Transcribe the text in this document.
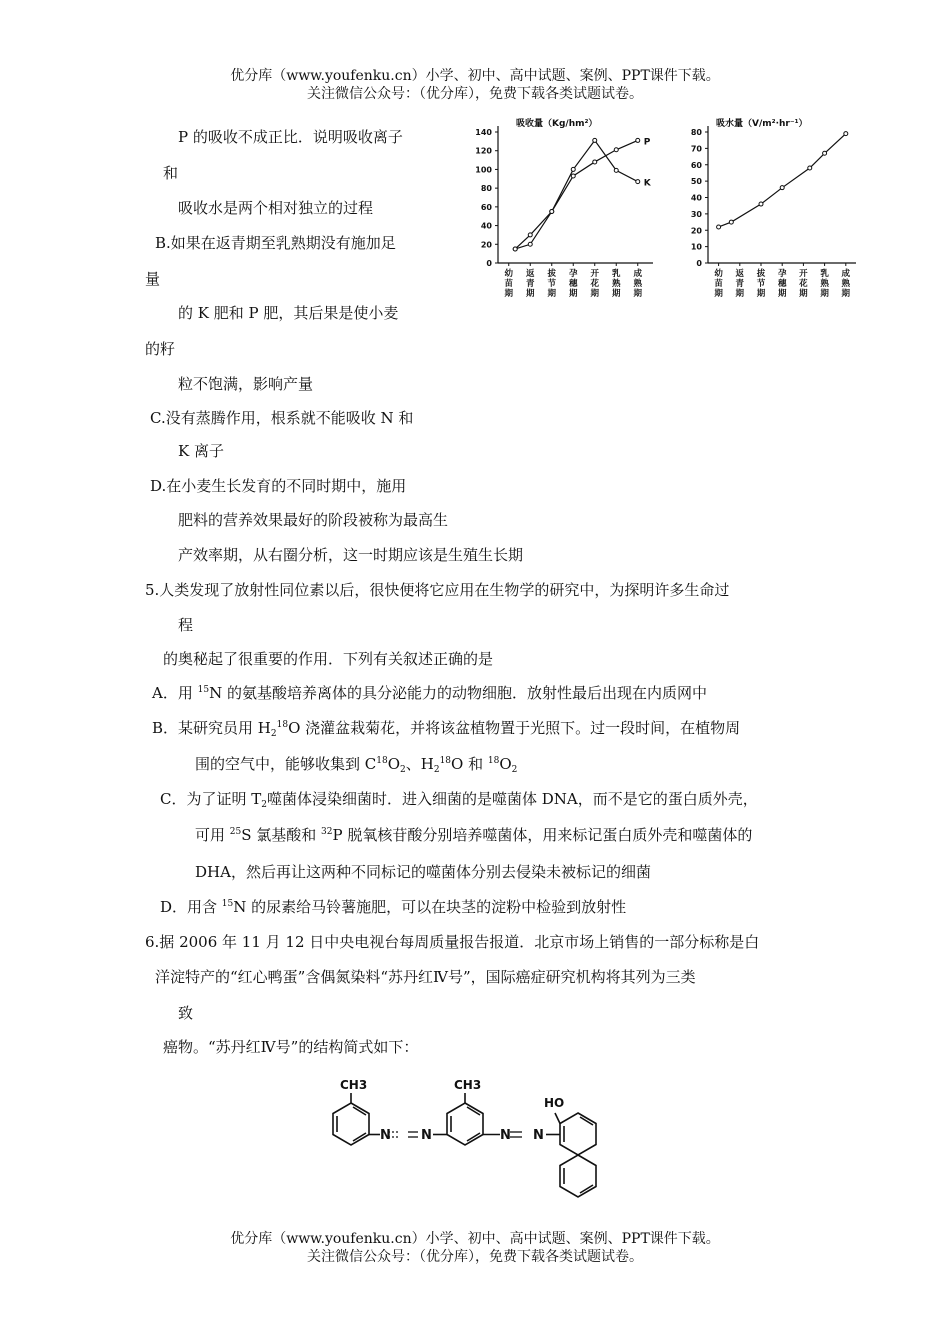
优分库（www.youfenku.cn）小学、初中、高中试题、案例、PPT课件下载。
关注微信公众号：（优分库），免费下载各类试题试卷。
P 的吸收不成正比．说明吸收离子
和
吸收水是两个相对独立的过程
B.如果在返青期至乳熟期没有施加足
量
的 K 肥和 P 肥，其后果是使小麦
的籽
粒不饱满，影响产量
C.没有蒸腾作用，根系就不能吸收 N 和
K 离子
D.在小麦生长发育的不同时期中，施用
肥料的营养效果最好的阶段被称为最高生
产效率期，从右圈分析，这一时期应该是生殖生长期
0
20
40
60
80
100
120
140
幼苗期
返青期
拔节期
孕穗期
开花期
乳熟期
成熟期
P
K
吸收量（Kg/hm²）
0
10
20
30
40
50
60
70
80
幼苗期
返青期
拔节期
孕穗期
开花期
乳熟期
成熟期
吸水量（V/m²·hr⁻¹）
5.人类发现了放射性同位素以后，很快便将它应用在生物学的研究中，为探明许多生命过
程
的奥秘起了很重要的作用．下列有关叙述正确的是
A．用 $^{15}$N 的氨基酸培养离体的具分泌能力的动物细胞．放射性最后出现在内质网中
B．某研究员用 $H_2^{18}O$ 浇灌盆栽菊花，并将该盆植物置于光照下。过一段时间，在植物周
围的空气中，能够收集到 $C^{18}O_2$、$H_2^{18}O$ 和 $^{18}O_2$
C．为了证明 $T_2$噬菌体浸染细菌时．进入细菌的是噬菌体 DNA，而不是它的蛋白质外壳，
可用 $^{25}$S 氯基酸和 $^{32}$P 脱氧核苷酸分别培养噬菌体，用来标记蛋白质外壳和噬菌体的
DHA，然后再让这两种不同标记的噬菌体分别去侵染未被标记的细菌
D．用含 $^{15}$N 的尿素给马铃薯施肥，可以在块茎的淀粉中检验到放射性
6.据 2006 年 11 月 12 日中央电视台每周质量报告报道．北京市场上销售的一部分标称是白
洋淀特产的“红心鸭蛋”含偶氮染料“苏丹红Ⅳ号”，国际癌症研究机构将其列为三类
致
癌物。“苏丹红Ⅳ号”的结构简式如下：
N N	N N
CH3	CH3
HO
优分库（www.youfenku.cn）小学、初中、高中试题、案例、PPT课件下载。
关注微信公众号：（优分库），免费下载各类试题试卷。
